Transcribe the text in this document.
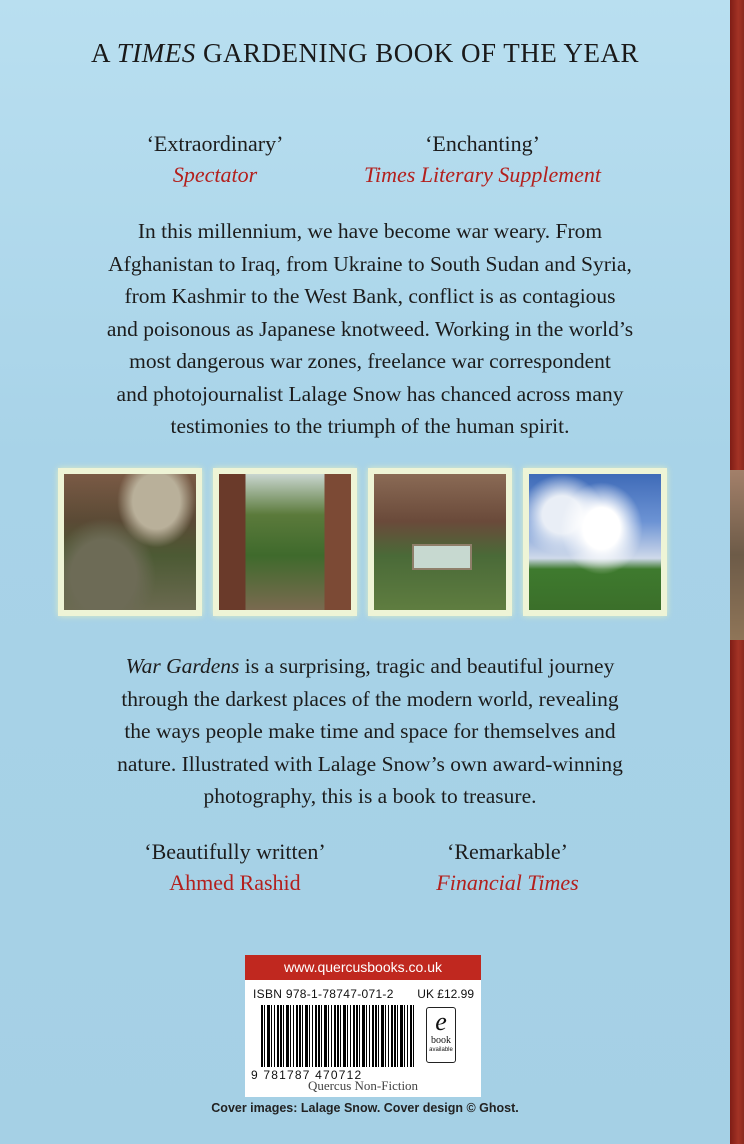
A TIMES GARDENING BOOK OF THE YEAR
‘Extraordinary’
Spectator
‘Enchanting’
Times Literary Supplement
In this millennium, we have become war weary. From
Afghanistan to Iraq, from Ukraine to South Sudan and Syria,
from Kashmir to the West Bank, conflict is as contagious
and poisonous as Japanese knotweed. Working in the world’s
most dangerous war zones, freelance war correspondent
and photojournalist Lalage Snow has chanced across many
testimonies to the triumph of the human spirit.
War Gardens is a surprising, tragic and beautiful journey
through the darkest places of the modern world, revealing
the ways people make time and space for themselves and
nature. Illustrated with Lalage Snow’s own award-winning
photography, this is a book to treasure.
‘Beautifully written’
Ahmed Rashid
‘Remarkable’
Financial Times
www.quercusbooks.co.uk
ISBN 978-1-78747-071-2 UK £12.99
9 781787 470712
e
book
available
Quercus Non-Fiction
Cover images: Lalage Snow. Cover design © Ghost.
